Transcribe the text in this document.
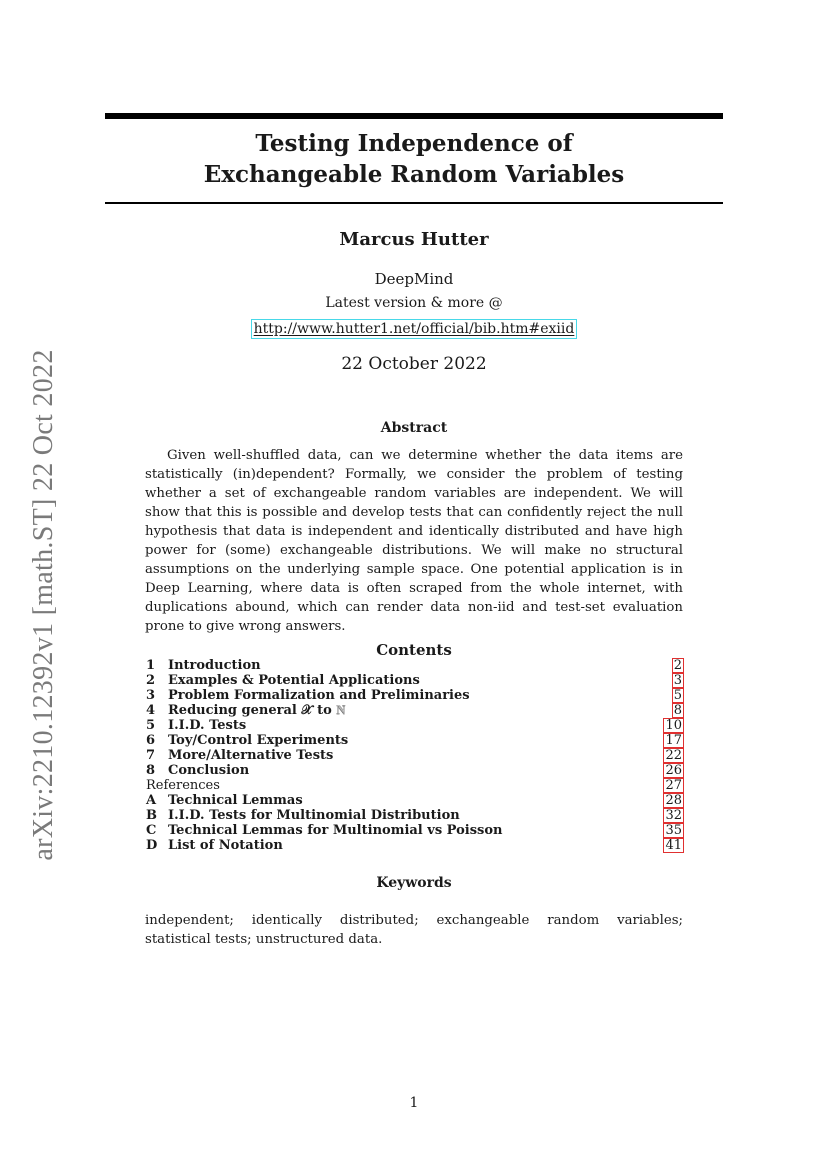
arXiv:2210.12392v1 [math.ST] 22 Oct 2022
Testing Independence of
Exchangeable Random Variables
Marcus Hutter
DeepMind
Latest version & more @
http://www.hutter1.net/official/bib.htm#exiid
22 October 2022
Abstract

Given well-shuffled data, can we determine whether the data items are statistically (in)dependent? Formally, we consider the problem of testing whether a set of exchangeable random variables are independent. We will show that this is possible and develop tests that can confidently reject the null hypothesis that data is independent and identically distributed and have high power for (some) exchangeable distributions. We will make no structural assumptions on the underlying sample space. One potential application is in Deep Learning, where data is often scraped from the whole internet, with duplications abound, which can render data non-iid and test-set evaluation prone to give wrong answers.

Contents
1 Introduction	2
2 Examples & Potential Applications	3
3 Problem Formalization and Preliminaries	5
4 Reducing general 𝒳 to ℕ	8
5 I.I.D. Tests	10
6 Toy/Control Experiments	17
7 More/Alternative Tests	22
8 Conclusion	26
References	27
A Technical Lemmas	28
B I.I.D. Tests for Multinomial Distribution	32
C Technical Lemmas for Multinomial vs Poisson	35
D List of Notation	41
Keywords

independent; identically distributed; exchangeable random variables; statistical tests; unstructured data.

1
